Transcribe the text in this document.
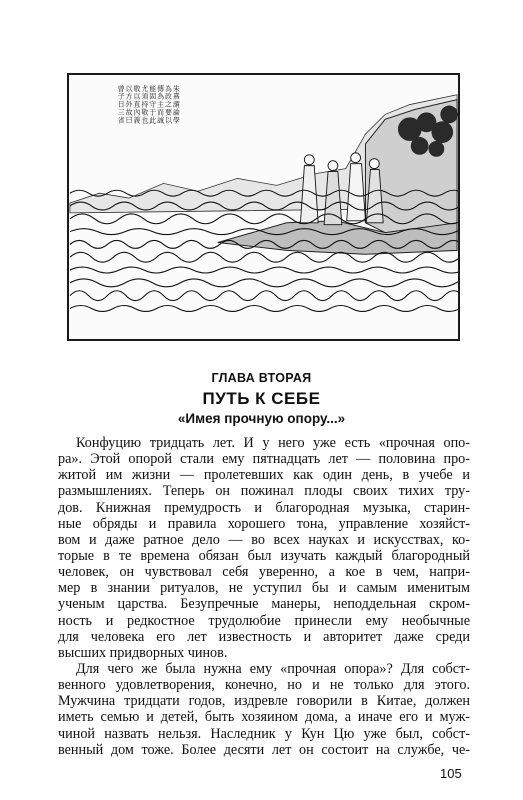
朱
熹
謂
論
學
為
政
之
要
以
傳
為
主
而
誠
能
固
守
于
此
尤
須
持
敬
也
敬
以
直
內
義
以
方
外
故
曰
曾
子
日
三
省
ГЛАВА ВТОРАЯ
ПУТЬ К СЕБЕ
«Имея прочную опору...»
Конфуцию тридцать лет. И у него уже есть «прочная опо-
ра». Этой опорой стали ему пятнадцать лет — половина про-
житой им жизни — пролетевших как один день, в учебе и
размышлениях. Теперь он пожинал плоды своих тихих тру-
дов. Книжная премудрость и благородная музыка, старин-
ные обряды и правила хорошего тона, управление хозяйст-
вом и даже ратное дело — во всех науках и искусствах, ко-
торые в те времена обязан был изучать каждый благородный
человек, он чувствовал себя уверенно, а кое в чем, напри-
мер в знании ритуалов, не уступил бы и самым именитым
ученым царства. Безупречные манеры, неподдельная скром-
ность и редкостное трудолюбие принесли ему необычные
для человека его лет известность и авторитет даже среди
высших придворных чинов.
Для чего же была нужна ему «прочная опора»? Для собст-
венного удовлетворения, конечно, но и не только для этого.
Мужчина тридцати годов, издревле говорили в Китае, должен
иметь семью и детей, быть хозяином дома, а иначе его и муж-
чиной назвать нельзя. Наследник у Кун Цю уже был, собст-
венный дом тоже. Более десяти лет он состоит на службе, че-
105
